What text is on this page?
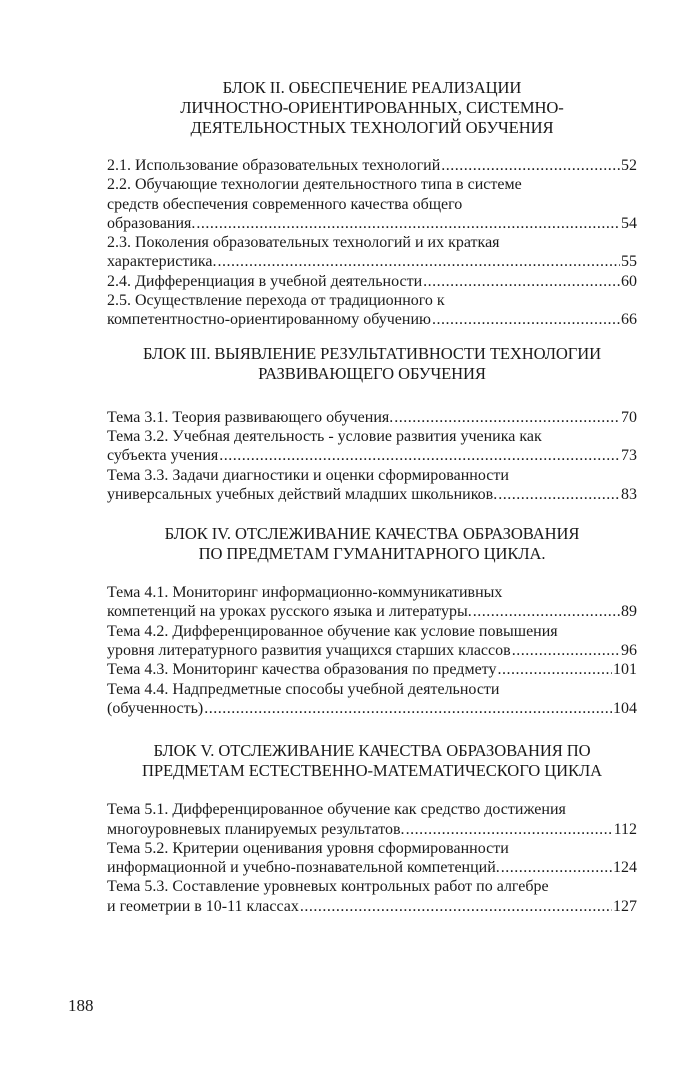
БЛОК II. ОБЕСПЕЧЕНИЕ РЕАЛИЗАЦИИ
ЛИЧНОСТНО-ОРИЕНТИРОВАННЫХ, СИСТЕМНО-
ДЕЯТЕЛЬНОСТНЫХ ТЕХНОЛОГИЙ ОБУЧЕНИЯ

2.1. Использование образовательных технологий .....	52

2.2. Обучающие технологии деятельностного типа в системе
средств обеспечения современного качества общего
образования. .....	54

2.3. Поколения образовательных технологий и их краткая
характеристика. .....	55

2.4. Дифференциация в учебной деятельности .....	60

2.5. Осуществление перехода от традиционного к
компетентностно-ориентированному обучению .....	66

БЛОК III. ВЫЯВЛЕНИЕ РЕЗУЛЬТАТИВНОСТИ ТЕХНОЛОГИИ
РАЗВИВАЮЩЕГО ОБУЧЕНИЯ

Тема 3.1. Теория развивающего обучения. .....	70

Тема 3.2. Учебная деятельность - условие развития ученика как
субъекта учения .....	73

Тема 3.3. Задачи диагностики и оценки сформированности
универсальных учебных действий младших школьников. .....	83

БЛОК IV. ОТСЛЕЖИВАНИЕ КАЧЕСТВА ОБРАЗОВАНИЯ
ПО ПРЕДМЕТАМ ГУМАНИТАРНОГО ЦИКЛА.

Тема 4.1. Мониторинг информационно-коммуникативных
компетенций на уроках русского языка и литературы. .....	89

Тема 4.2. Дифференцированное обучение как условие повышения
уровня литературного развития учащихся старших классов .....	96

Тема 4.3. Мониторинг качества образования по предмету .....	101

Тема 4.4. Надпредметные способы учебной деятельности
(обученность) .....	104

БЛОК V. ОТСЛЕЖИВАНИЕ КАЧЕСТВА ОБРАЗОВАНИЯ ПО
ПРЕДМЕТАМ ЕСТЕСТВЕННО-МАТЕМАТИЧЕСКОГО ЦИКЛА

Тема 5.1. Дифференцированное обучение как средство достижения
многоуровневых планируемых результатов. .....	112

Тема 5.2. Критерии оценивания уровня сформированности
информационной и учебно-познавательной компетенций. .....	124

Тема 5.3. Составление уровневых контрольных работ по алгебре
и геометрии в 10-11 классах .....	127

188
